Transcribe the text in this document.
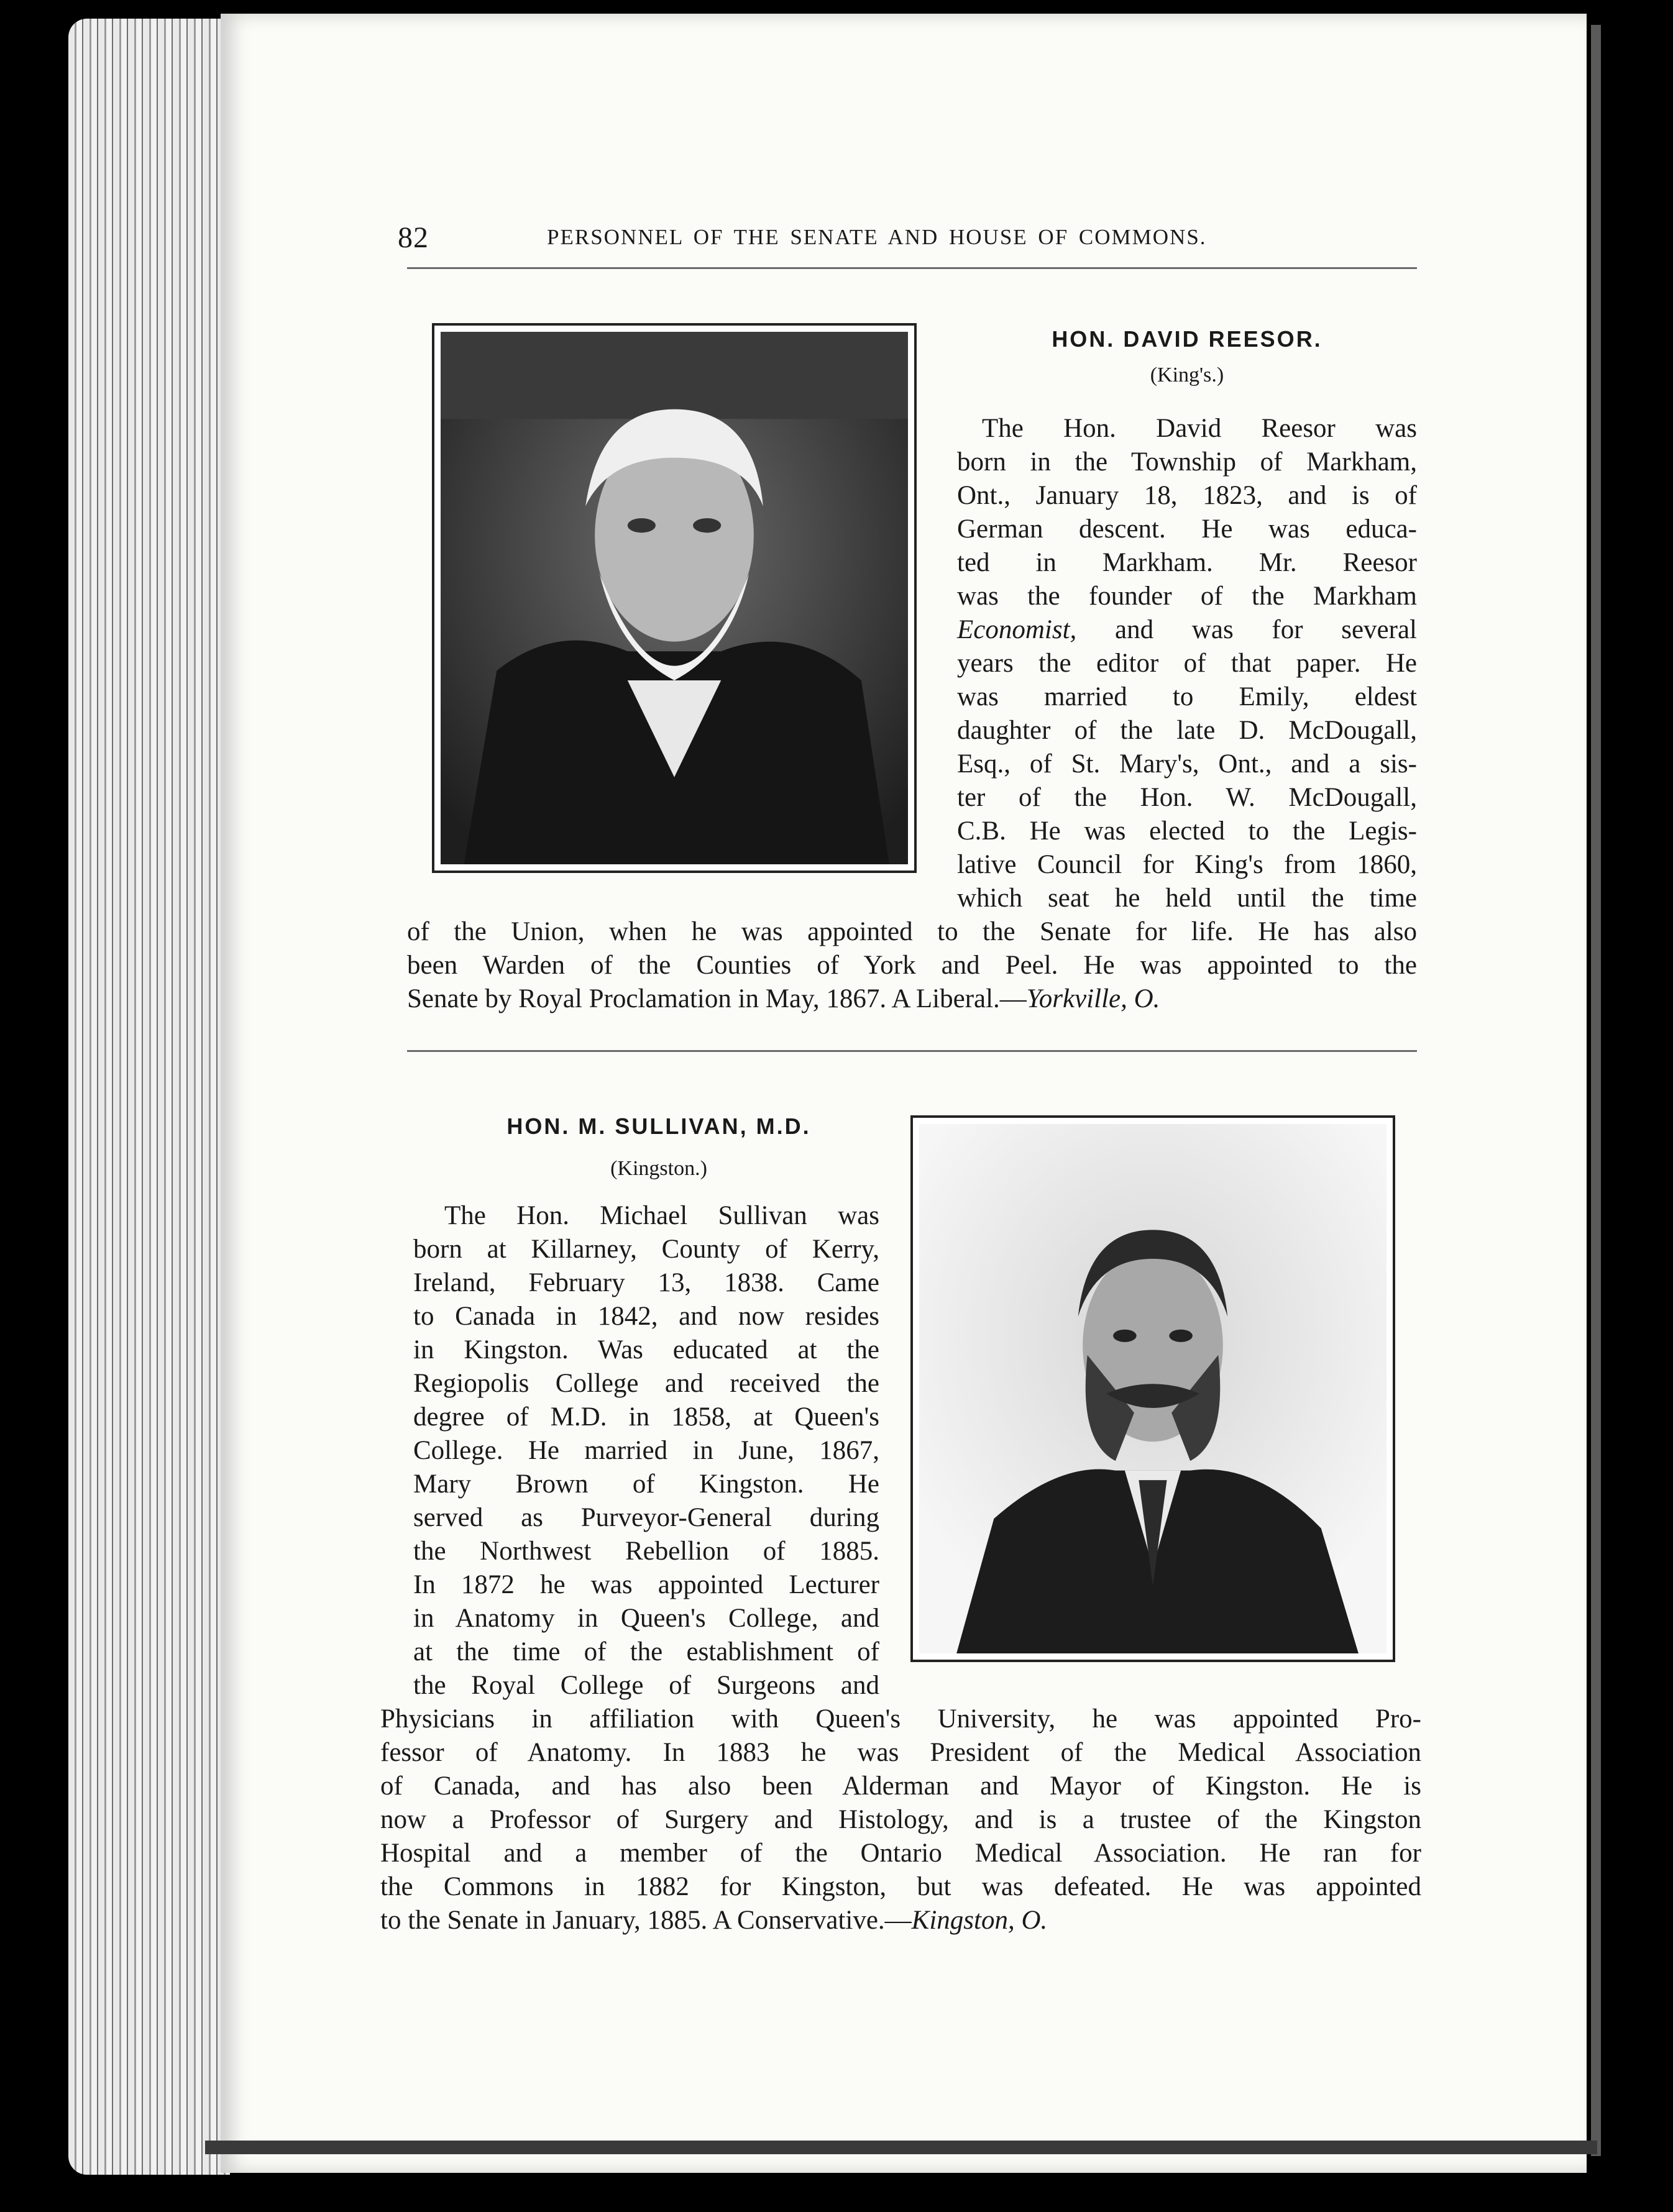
82	PERSONNEL OF THE SENATE AND HOUSE OF COMMONS.
HON. DAVID REESOR.
(King's.)
The Hon. David Reesor was
born in the Township of Markham,
Ont., January 18, 1823, and is of
German descent. He was educa-
ted in Markham. Mr. Reesor
was the founder of the Markham
Economist, and was for several
years the editor of that paper. He
was married to Emily, eldest
daughter of the late D. McDougall,
Esq., of St. Mary's, Ont., and a sis-
ter of the Hon. W. McDougall,
C.B. He was elected to the Legis-
lative Council for King's from 1860,
which seat he held until the time
of the Union, when he was appointed to the Senate for life. He has also
been Warden of the Counties of York and Peel. He was appointed to the
Senate by Royal Proclamation in May, 1867. A Liberal.—Yorkville, O.
HON. M. SULLIVAN, M.D.
(Kingston.)
The Hon. Michael Sullivan was
born at Killarney, County of Kerry,
Ireland, February 13, 1838. Came
to Canada in 1842, and now resides
in Kingston. Was educated at the
Regiopolis College and received the
degree of M.D. in 1858, at Queen's
College. He married in June, 1867,
Mary Brown of Kingston. He
served as Purveyor-General during
the Northwest Rebellion of 1885.
In 1872 he was appointed Lecturer
in Anatomy in Queen's College, and
at the time of the establishment of
the Royal College of Surgeons and
Physicians in affiliation with Queen's University, he was appointed Pro-
fessor of Anatomy. In 1883 he was President of the Medical Association
of Canada, and has also been Alderman and Mayor of Kingston. He is
now a Professor of Surgery and Histology, and is a trustee of the Kingston
Hospital and a member of the Ontario Medical Association. He ran for
the Commons in 1882 for Kingston, but was defeated. He was appointed
to the Senate in January, 1885. A Conservative.—Kingston, O.
